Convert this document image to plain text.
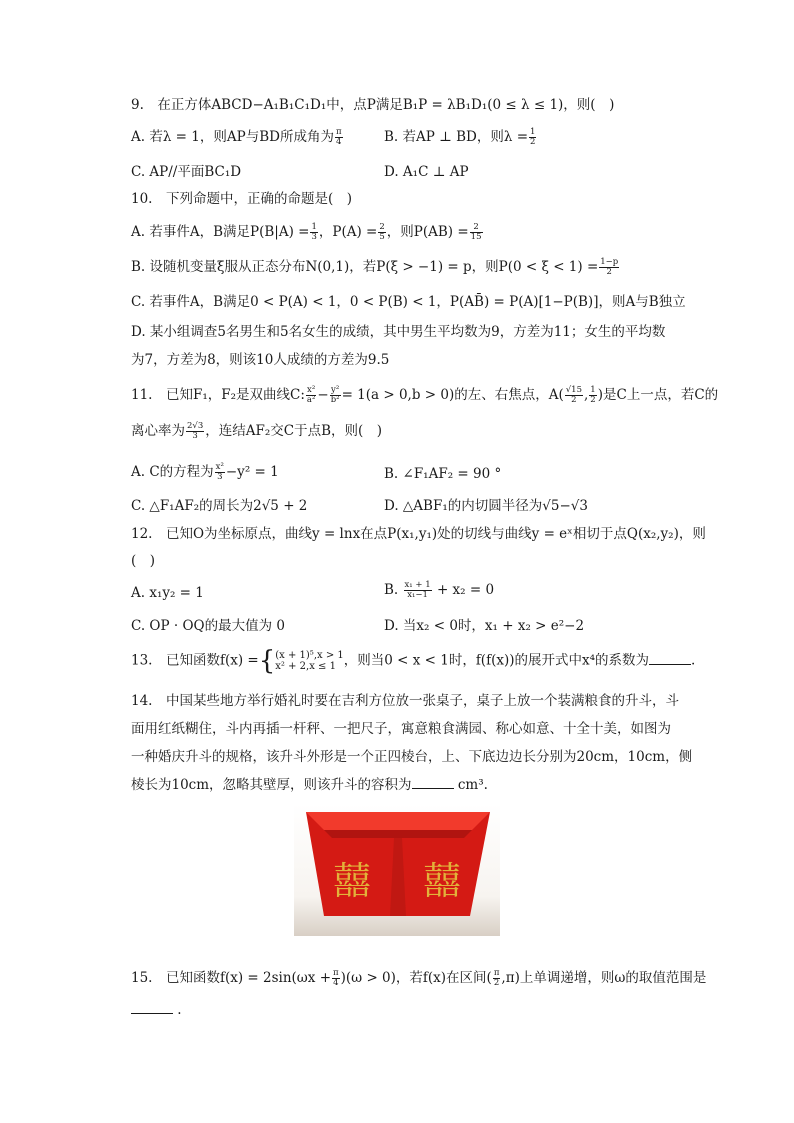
9.　在正方体ABCD−A₁B₁C₁D₁中，点P满足B₁P = λB₁D₁(0 ≤ λ ≤ 1)，则(　)
A. 若λ = 1，则AP与BD所成角为 $\frac{\pi}{4}$	B. 若AP ⊥ BD，则$\lambda = \frac{1}{2}$
C. AP//平面BC₁D	D. A₁C ⊥ AP
10.　下列命题中，正确的命题是(　)
A. 若事件A，B满足$P(B|A) = \frac{1}{3}$ ，$P(A) = \frac{2}{5}$ ，则$P(AB) = \frac{2}{15}$
B. 设随机变量ξ服从正态分布N(0,1)，若P(ξ > −1) = p，则$P(0 < \xi < 1) = \frac{1-p}{2}$
C. 若事件A，B满足0 < P(A) < 1，0 < P(B) < 1，P(AB̄) = P(A)[1−P(B)]，则A与B独立
D. 某小组调查5名男生和5名女生的成绩，其中男生平均数为9，方差为11；女生的平均数
为7，方差为8，则该10人成绩的方差为9.5
11.　已知F₁，F₂是双曲线C: $\frac{\text{x²}}{\text{a²}} - \frac{\text{y²}}{\text{b²}} = 1(a > 0,b > 0)$的左、右焦点，$A( \frac{√15}{2}$ , $\frac{1}{2}$ )是C上一点，若C的
离心率为 $\frac{2√3}{3}$ ，连结AF₂交C于点B，则(　)
A. C的方程为 $\frac{\text{x²}}{3} -y^2 = 1$	B. ∠F₁AF₂ = 90 °
C. △F₁AF₂的周长为2√5 + 2	D. △ABF₁的内切圆半径为√5−√3
12.　已知O为坐标原点，曲线y = lnx在点P(x₁,y₁)处的切线与曲线y = eˣ相切于点Q(x₂,y₂)，则
(　)
A. x₁y₂ = 1	B. $\frac{\text{x₁ + 1}}{\text{x₁−1}} + x_2 = 0$
C. OP · OQ的最大值为 0	D. 当x₂ < 0时，x₁ + x₂ > e²−2
13.　已知函数f(x) ={ (x + 1)⁵,x > 1
x² + 2,x ≤ 1 ，则当0 < x < 1时，f(f(x))的展开式中x⁴的系数为	.
14.　中国某些地方举行婚礼时要在吉利方位放一张桌子，桌子上放一个装满粮食的升斗，斗
面用红纸糊住，斗内再插一杆秤、一把尺子，寓意粮食满园、称心如意、十全十美，如图为
一种婚庆升斗的规格，该升斗外形是一个正四棱台，上、下底边边长分别为20cm，10cm，侧
棱长为10cm，忽略其壁厚，则该升斗的容积为	cm³.
囍 囍
15.　已知函数$f(x) = 2\sin(\omega x + \frac{\pi}{4} )(\omega > 0)$，若f(x)在区间( $\frac{\pi}{2} ,\pi$)上单调递增，则ω的取值范围是
.
